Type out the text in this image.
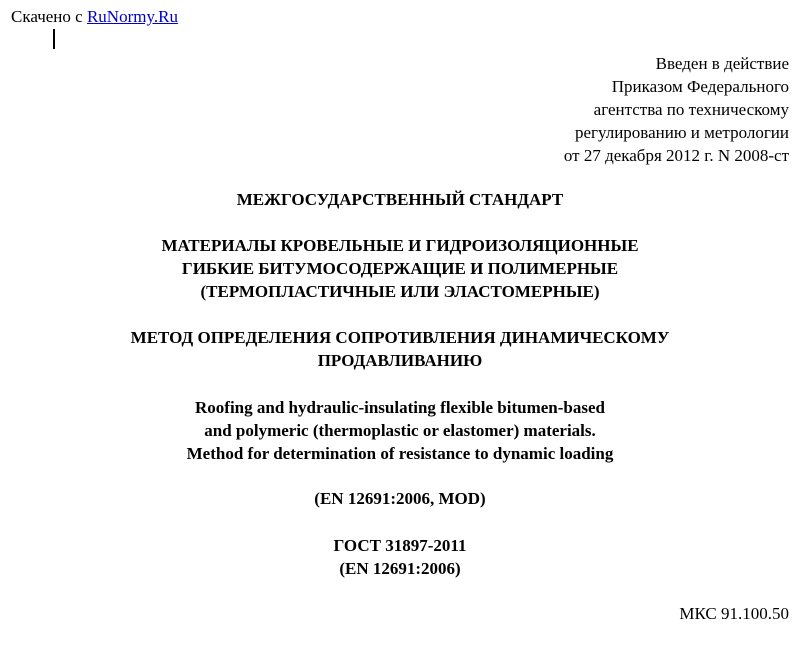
Скачено с RuNormy.Ru
Введен в действие
Приказом Федерального
агентства по техническому
регулированию и метрологии
от 27 декабря 2012 г. N 2008-ст
МЕЖГОСУДАРСТВЕННЫЙ СТАНДАРТ
МАТЕРИАЛЫ КРОВЕЛЬНЫЕ И ГИДРОИЗОЛЯЦИОННЫЕ
ГИБКИЕ БИТУМОСОДЕРЖАЩИЕ И ПОЛИМЕРНЫЕ
(ТЕРМОПЛАСТИЧНЫЕ ИЛИ ЭЛАСТОМЕРНЫЕ)
МЕТОД ОПРЕДЕЛЕНИЯ СОПРОТИВЛЕНИЯ ДИНАМИЧЕСКОМУ
ПРОДАВЛИВАНИЮ
Roofing and hydraulic-insulating flexible bitumen-based
and polymeric (thermoplastic or elastomer) materials.
Method for determination of resistance to dynamic loading
(EN 12691:2006, MOD)
ГОСТ 31897-2011
(EN 12691:2006)
МКС 91.100.50
